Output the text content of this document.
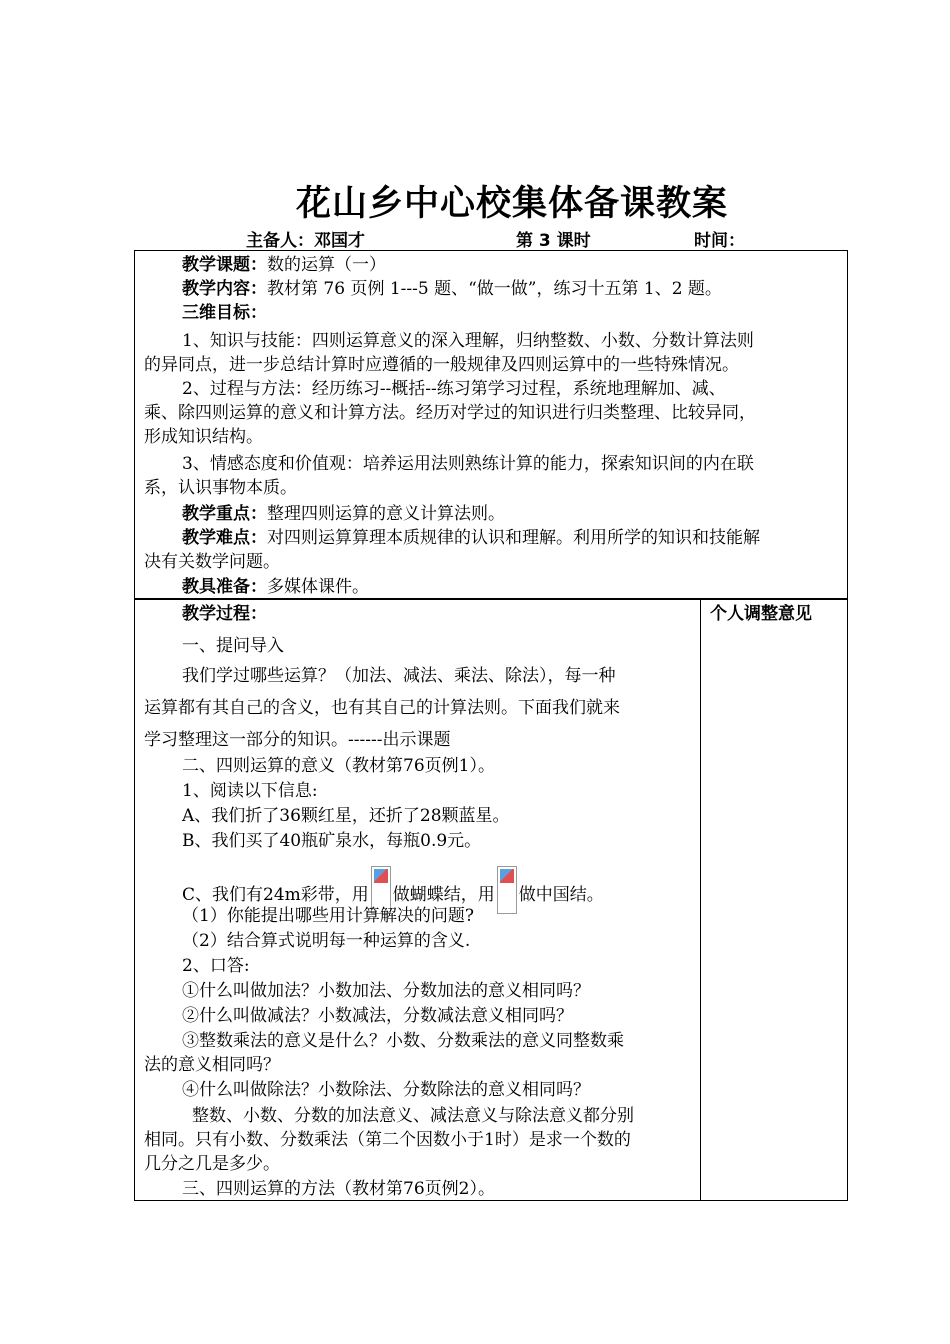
花山乡中心校集体备课教案
主备人：邓国才	第 3 课时	时间：
教学课题：数的运算（一）
教学内容：教材第 76 页例 1---5 题、“做一做”，练习十五第 1、2 题。
三维目标：
1、知识与技能：四则运算意义的深入理解，归纳整数、小数、分数计算法则
的异同点，进一步总结计算时应遵循的一般规律及四则运算中的一些特殊情况。
2、过程与方法：经历练习--概括--练习第学习过程，系统地理解加、减、
乘、除四则运算的意义和计算方法。经历对学过的知识进行归类整理、比较异同，
形成知识结构。
3、情感态度和价值观：培养运用法则熟练计算的能力，探索知识间的内在联
系，认识事物本质。
教学重点：整理四则运算的意义计算法则。
教学难点：对四则运算算理本质规律的认识和理解。利用所学的知识和技能解
决有关数学问题。
教具准备：多媒体课件。
教学过程：	个人调整意见
一、提问导入
我们学过哪些运算？（加法、减法、乘法、除法），每一种
运算都有其自己的含义，也有其自己的计算法则。下面我们就来
学习整理这一部分的知识。------出示课题
二、四则运算的意义（教材第76页例1）。
1、阅读以下信息:
A、我们折了36颗红星，还折了28颗蓝星。
B、我们买了40瓶矿泉水，每瓶0.9元。
C、我们有24m彩带，用 做蝴蝶结，用 做中国结。
（1）你能提出哪些用计算解决的问题?
（2）结合算式说明每一种运算的含义.
2、口答:
①什么叫做加法？小数加法、分数加法的意义相同吗？
②什么叫做减法？小数减法，分数减法意义相同吗？
③整数乘法的意义是什么？小数、分数乘法的意义同整数乘
法的意义相同吗？
④什么叫做除法？小数除法、分数除法的意义相同吗？
整数、小数、分数的加法意义、减法意义与除法意义都分别
相同。只有小数、分数乘法（第二个因数小于1时）是求一个数的
几分之几是多少。
三、四则运算的方法（教材第76页例2）。
